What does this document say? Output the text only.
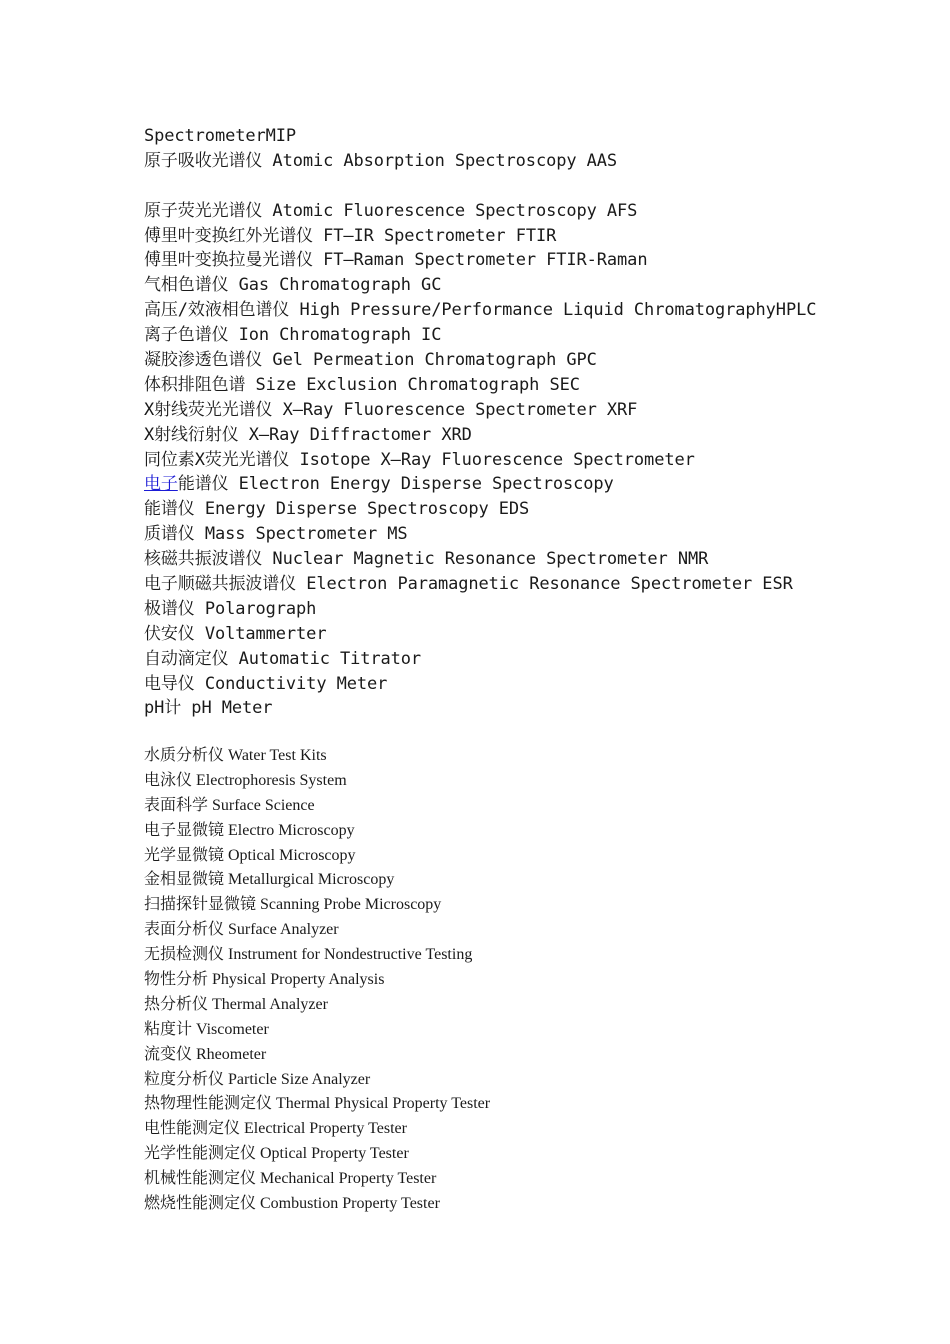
SpectrometerMIP
原子吸收光谱仪 Atomic Absorption Spectroscopy AAS
原子荧光光谱仪 Atomic Fluorescence Spectroscopy AFS
傅里叶变换红外光谱仪 FT—IR Spectrometer FTIR
傅里叶变换拉曼光谱仪 FT—Raman Spectrometer FTIR-Raman
气相色谱仪 Gas Chromatograph GC
高压/效液相色谱仪 High Pressure/Performance Liquid ChromatographyHPLC
离子色谱仪 Ion Chromatograph IC
凝胶渗透色谱仪 Gel Permeation Chromatograph GPC
体积排阻色谱 Size Exclusion Chromatograph SEC
X射线荧光光谱仪 X—Ray Fluorescence Spectrometer XRF
X射线衍射仪 X—Ray Diffractomer XRD
同位素X荧光光谱仪 Isotope X—Ray Fluorescence Spectrometer
电子能谱仪 Electron Energy Disperse Spectroscopy
能谱仪 Energy Disperse Spectroscopy EDS
质谱仪 Mass Spectrometer MS
核磁共振波谱仪 Nuclear Magnetic Resonance Spectrometer NMR
电子顺磁共振波谱仪 Electron Paramagnetic Resonance Spectrometer ESR
极谱仪 Polarograph
伏安仪 Voltammerter
自动滴定仪 Automatic Titrator
电导仪 Conductivity Meter
pH计 pH Meter
水质分析仪 Water Test Kits
电泳仪 Electrophoresis System
表面科学 Surface Science
电子显微镜 Electro Microscopy
光学显微镜 Optical Microscopy
金相显微镜 Metallurgical Microscopy
扫描探针显微镜 Scanning Probe Microscopy
表面分析仪 Surface Analyzer
无损检测仪 Instrument for Nondestructive Testing
物性分析 Physical Property Analysis
热分析仪 Thermal Analyzer
粘度计 Viscometer
流变仪 Rheometer
粒度分析仪 Particle Size Analyzer
热物理性能测定仪 Thermal Physical Property Tester
电性能测定仪 Electrical Property Tester
光学性能测定仪 Optical Property Tester
机械性能测定仪 Mechanical Property Tester
燃烧性能测定仪 Combustion Property Tester
